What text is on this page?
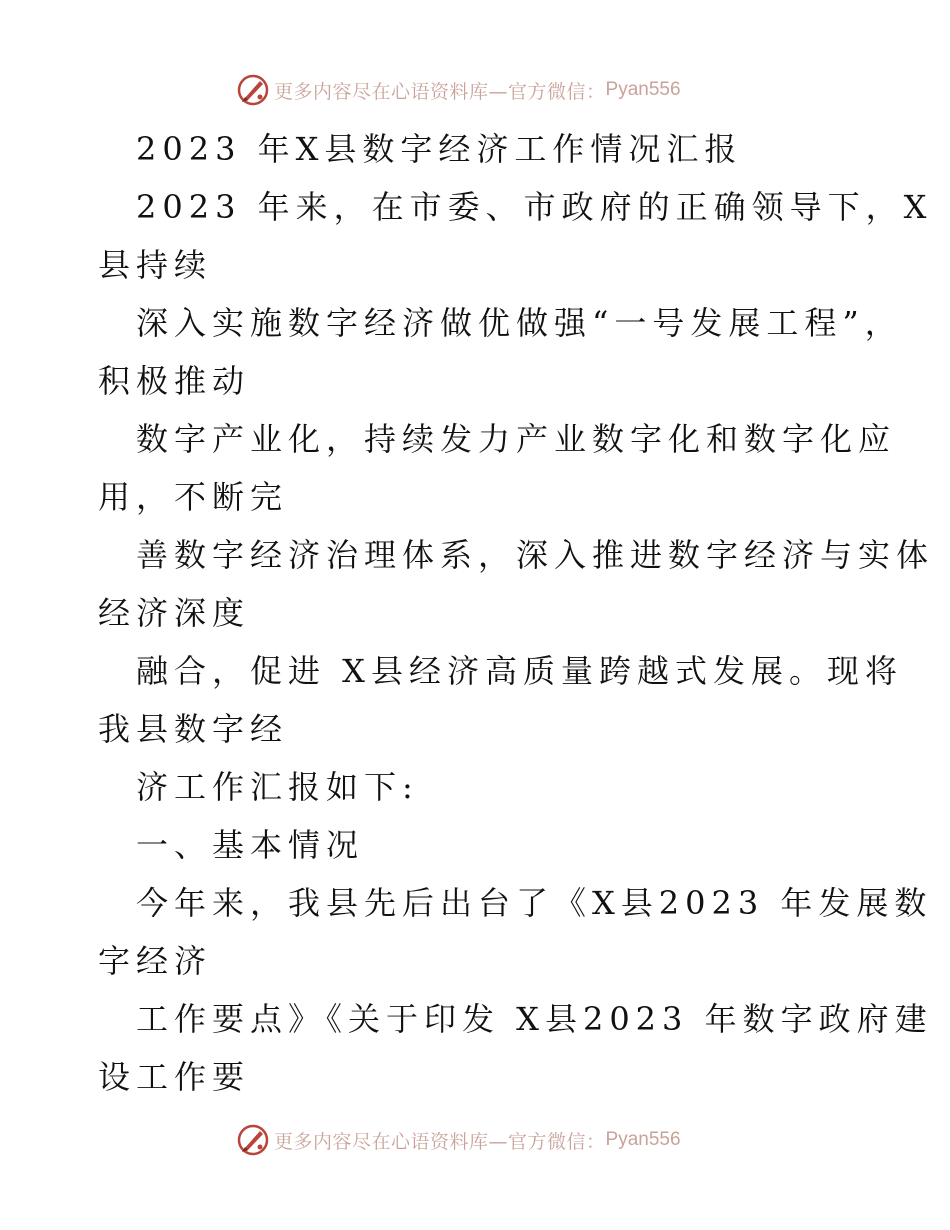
更多内容尽在心语资料库—官方微信： Pyan556
2023 年X县数字经济工作情况汇报
2023 年来，在市委、市政府的正确领导下，X
县持续
深入实施数字经济做优做强“一号发展工程”，
积极推动
数字产业化，持续发力产业数字化和数字化应
用，不断完
善数字经济治理体系，深入推进数字经济与实体
经济深度
融合，促进 X县经济高质量跨越式发展。现将
我县数字经
济工作汇报如下:
一、基本情况
今年来，我县先后出台了《X县2023 年发展数
字经济
工作要点》《关于印发 X县2023 年数字政府建
设工作要
更多内容尽在心语资料库—官方微信： Pyan556
